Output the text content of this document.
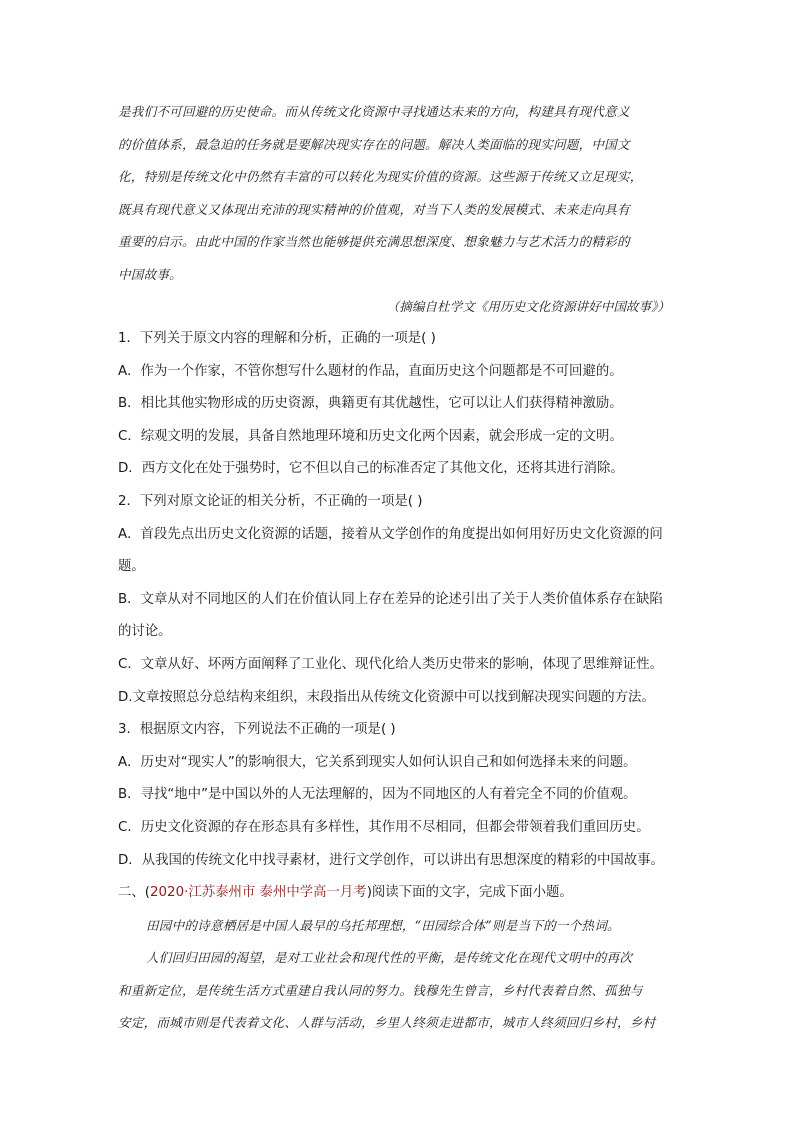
是我们不可回避的历史使命。而从传统文化资源中寻找通达未来的方向，构建具有现代意义
的价值体系，最急迫的任务就是要解决现实存在的问题。解决人类面临的现实问题，中国文
化，特别是传统文化中仍然有丰富的可以转化为现实价值的资源。这些源于传统又立足现实，
既具有现代意义又体现出充沛的现实精神的价值观，对当下人类的发展模式、未来走向具有
重要的启示。由此中国的作家当然也能够提供充满思想深度、想象魅力与艺术活力的精彩的
中国故事。

（摘编自杜学文《用历史文化资源讲好中国故事》）

1．下列关于原文内容的理解和分析，正确的一项是( )

A．作为一个作家，不管你想写什么题材的作品，直面历史这个问题都是不可回避的。

B．相比其他实物形成的历史资源，典籍更有其优越性，它可以让人们获得精神激励。

C．综观文明的发展，具备自然地理环境和历史文化两个因素，就会形成一定的文明。

D．西方文化在处于强势时，它不但以自己的标准否定了其他文化，还将其进行消除。

2．下列对原文论证的相关分析，不正确的一项是( )

A．首段先点出历史文化资源的话题，接着从文学创作的角度提出如何用好历史文化资源的问题。

B．文章从对不同地区的人们在价值认同上存在差异的论述引出了关于人类价值体系存在缺陷的讨论。

C．文章从好、坏两方面阐释了工业化、现代化给人类历史带来的影响，体现了思维辩证性。

D.文章按照总分总结构来组织，末段指出从传统文化资源中可以找到解决现实问题的方法。

3．根据原文内容，下列说法不正确的一项是( )

A．历史对“现实人”的影响很大，它关系到现实人如何认识自己和如何选择未来的问题。

B．寻找“地中”是中国以外的人无法理解的，因为不同地区的人有着完全不同的价值观。

C．历史文化资源的存在形态具有多样性，其作用不尽相同，但都会带领着我们重回历史。

D．从我国的传统文化中找寻素材，进行文学创作，可以讲出有思想深度的精彩的中国故事。

二、(2020·江苏泰州市 泰州中学高一月考)阅读下面的文字，完成下面小题。

田园中的诗意栖居是中国人最早的乌托邦理想，“田园综合体”则是当下的一个热词。

人们回归田园的渴望，是对工业社会和现代性的平衡，是传统文化在现代文明中的再次
和重新定位，是传统生活方式重建自我认同的努力。钱穆先生曾言，乡村代表着自然、孤独与
安定，而城市则是代表着文化、人群与活动，乡里人终须走进都市，城市人终须回归乡村，乡村
